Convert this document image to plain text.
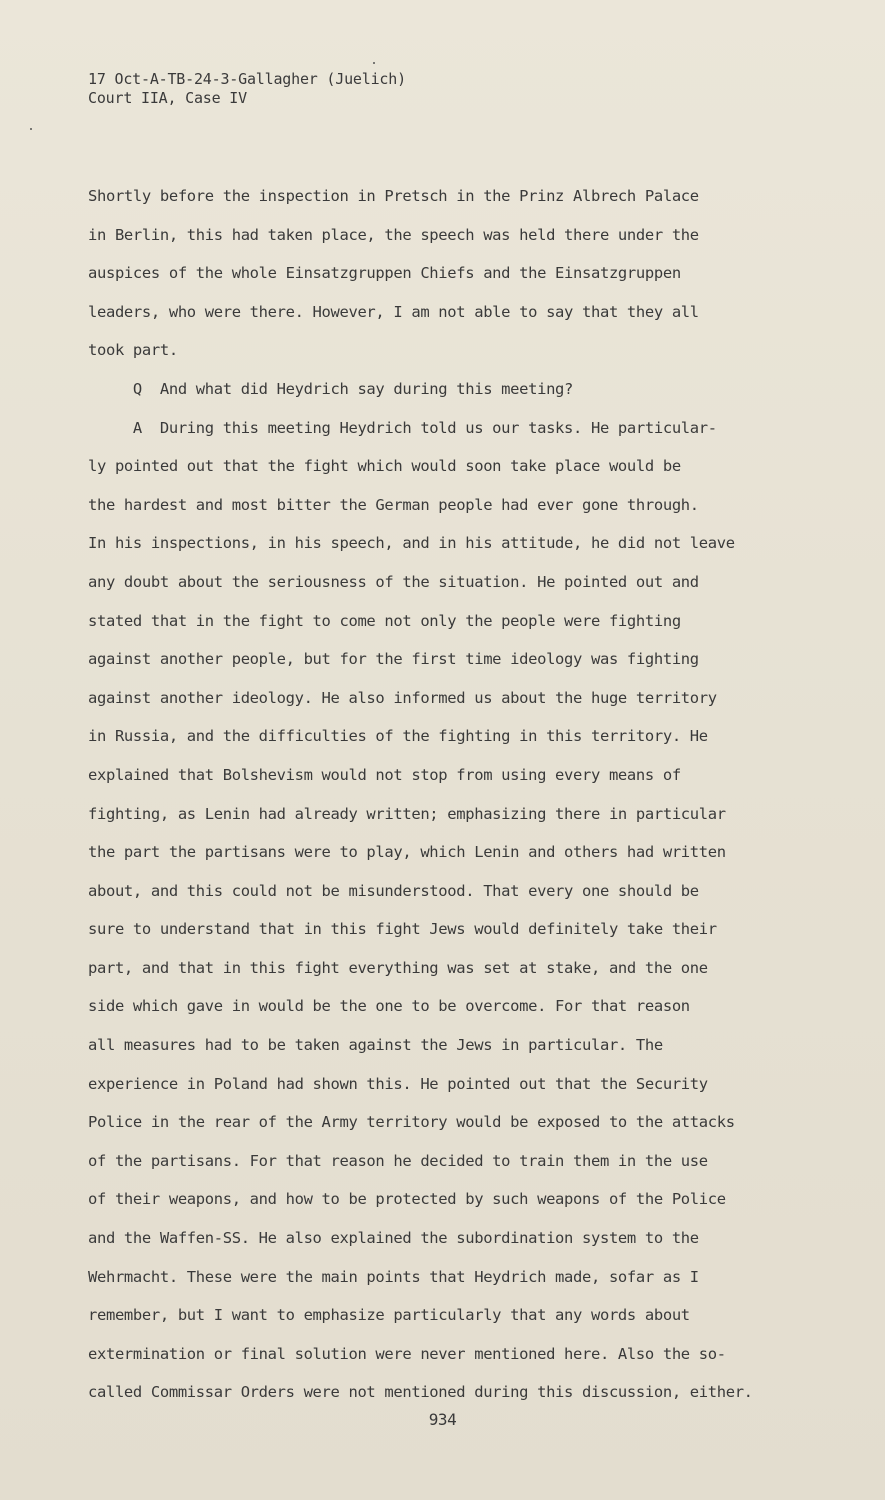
17 Oct-A-TB-24-3-Gallagher (Juelich)
Court IIA, Case IV
Shortly before the inspection in Pretsch in the Prinz Albrech Palace
in Berlin, this had taken place, the speech was held there under the
auspices of the whole Einsatzgruppen Chiefs and the Einsatzgruppen
leaders, who were there. However, I am not able to say that they all
took part.
Q  And what did Heydrich say during this meeting?
A  During this meeting Heydrich told us our tasks. He particular-
ly pointed out that the fight which would soon take place would be
the hardest and most bitter the German people had ever gone through.
In his inspections, in his speech, and in his attitude, he did not leave
any doubt about the seriousness of the situation. He pointed out and
stated that in the fight to come not only the people were fighting
against another people, but for the first time ideology was fighting
against another ideology. He also informed us about the huge territory
in Russia, and the difficulties of the fighting in this territory. He
explained that Bolshevism would not stop from using every means of
fighting, as Lenin had already written; emphasizing there in particular
the part the partisans were to play, which Lenin and others had written
about, and this could not be misunderstood. That every one should be
sure to understand that in this fight Jews would definitely take their
part, and that in this fight everything was set at stake, and the one
side which gave in would be the one to be overcome. For that reason
all measures had to be taken against the Jews in particular. The
experience in Poland had shown this. He pointed out that the Security
Police in the rear of the Army territory would be exposed to the attacks
of the partisans. For that reason he decided to train them in the use
of their weapons, and how to be protected by such weapons of the Police
and the Waffen-SS. He also explained the subordination system to the
Wehrmacht. These were the main points that Heydrich made, sofar as I
remember, but I want to emphasize particularly that any words about
extermination or final solution were never mentioned here. Also the so-
called Commissar Orders were not mentioned during this discussion, either.
934
